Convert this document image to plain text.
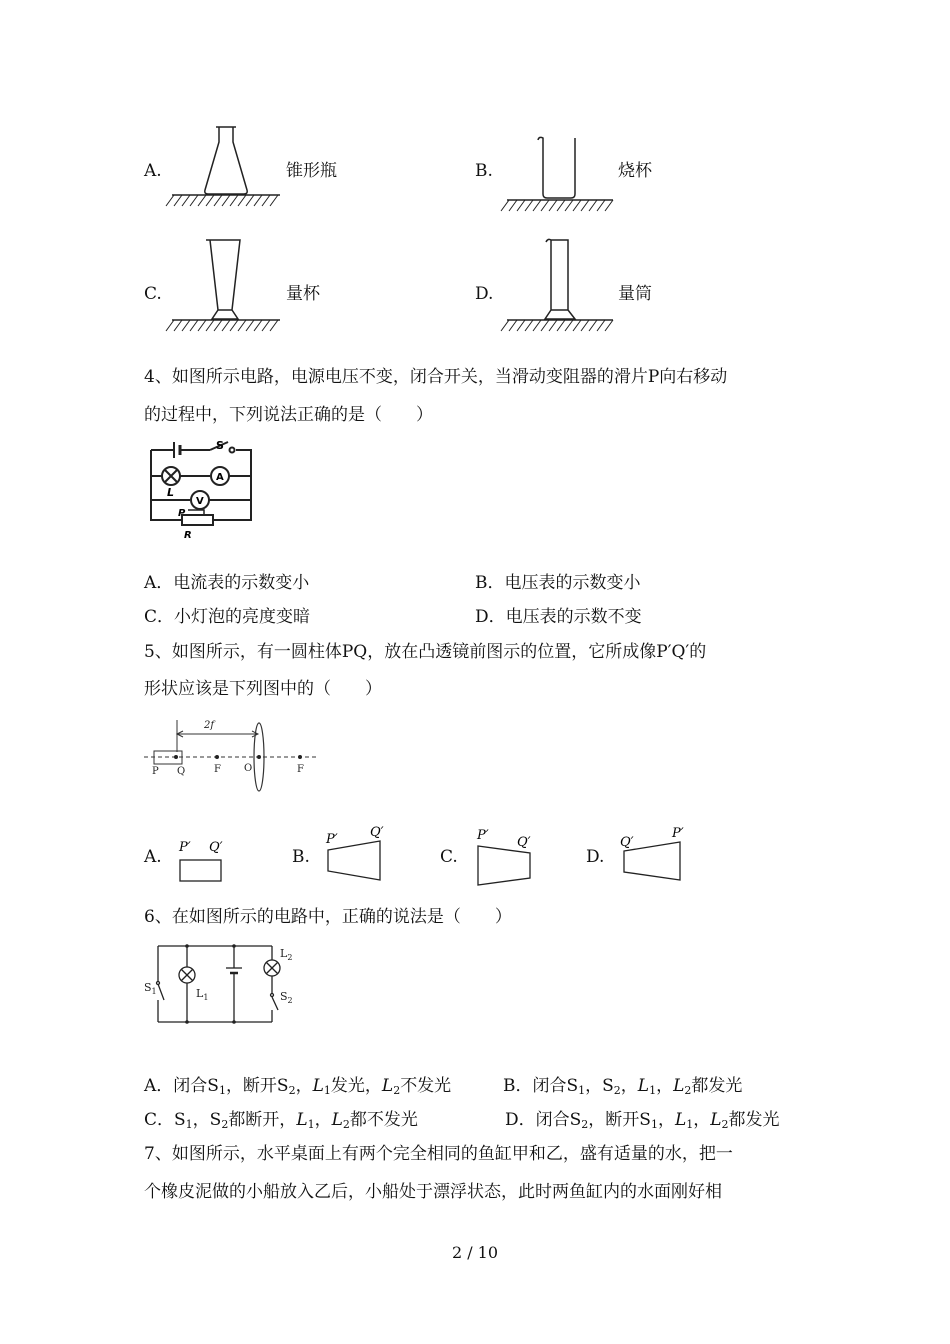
A.	锥形瓶	B.	烧杯
C.	量杯	D.	量筒
4、如图所示电路，电源电压不变，闭合开关，当滑动变阻器的滑片P向右移动
的过程中，下列说法正确的是（　　）
S
A
L
V
P
R
A．电流表的示数变小	B．电压表的示数变小
C．小灯泡的亮度变暗	D．电压表的示数不变
5、如图所示，有一圆柱体PQ，放在凸透镜前图示的位置，它所成像P′Q′的
形状应该是下列图中的（　　）
2f
P Q	F O	F
A. P′ Q′	B.
P′ Q′
C.
P′ Q′
D.
Q′
P′
6、在如图所示的电路中，正确的说法是（　　）
$S_1$	$L_1$
$L_2$
$S_2$
A．闭合$S_1$，断开$S_2$，$L_1$发光，$L_2$不发光	B．闭合$S_1$，$S_2$，$L_1$，$L_2$都发光
C．$S_1$，$S_2$都断开，$L_1$，$L_2$都不发光	D．闭合$S_2$，断开$S_1$，$L_1$，$L_2$都发光
7、如图所示，水平桌面上有两个完全相同的鱼缸甲和乙，盛有适量的水，把一
个橡皮泥做的小船放入乙后，小船处于漂浮状态，此时两鱼缸内的水面刚好相
2 / 10
